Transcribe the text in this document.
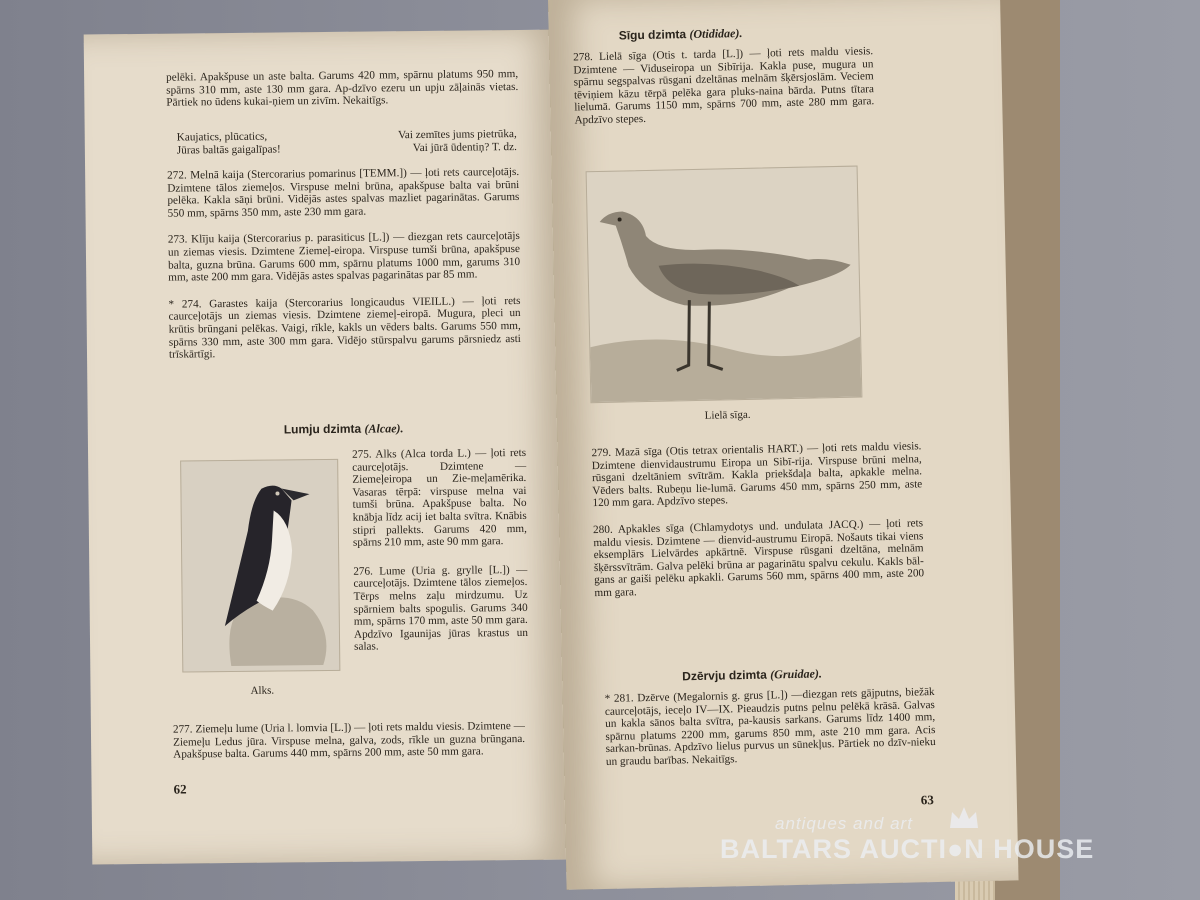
pelēki. Apakšpuse un aste balta. Garums 420 mm, spārnu platums 950 mm, spārns 310 mm, aste 130 mm gara. Ap-dzīvo ezeru un upju zāļainās vietas. Pārtiek no ūdens kukai-ņiem un zivīm. Nekaitīgs.

Kaujatics, plūcatics,	Vai zemītes jums pietrūka,
Jūras baltās gaigalīpas!	Vai jūrā ūdentiņ? T. dz.

272. Melnā kaija (Stercorarius pomarinus [TEMM.]) — ļoti rets caurceļotājs. Dzimtene tālos ziemeļos. Virspuse melni brūna, apakšpuse balta vai brūni pelēka. Kakla sāņi brūni. Vidējās astes spalvas mazliet pagarinātas. Garums 550 mm, spārns 350 mm, aste 230 mm gara.

273. Klīju kaija (Stercorarius p. parasiticus [L.]) — diezgan rets caurceļotājs un ziemas viesis. Dzimtene Ziemeļ-eiropa. Virspuse tumši brūna, apakšpuse balta, guzna brūna. Garums 600 mm, spārnu platums 1000 mm, garums 310 mm, aste 200 mm gara. Vidējās astes spalvas pagarinātas par 85 mm.

* 274. Garastes kaija (Stercorarius longicaudus VIEILL.) — ļoti rets caurceļotājs un ziemas viesis. Dzimtene ziemeļ-eiropā. Mugura, pleci un krūtis brūngani pelēkas. Vaigi, rīkle, kakls un vēders balts. Garums 550 mm, spārns 330 mm, aste 300 mm gara. Vidējo stūrspalvu garums pārsniedz asti trīskārtīgi.

Lumju dzimta (Alcae).
Alks.

275. Alks (Alca torda L.) — ļoti rets caurceļotājs. Dzimtene — Ziemeļeiropa un Zie-meļamērika. Vasaras tērpā: virspuse melna vai tumši brūna. Apakšpuse balta. No knābja līdz acij iet balta svītra. Knābis stipri pallekts. Garums 420 mm, spārns 210 mm, aste 90 mm gara.

276. Lume (Uria g. grylle [L.]) —caurceļotājs. Dzimtene tālos ziemeļos. Tērps melns zaļu mirdzumu. Uz spārniem balts spogulis. Garums 340 mm, spārns 170 mm, aste 50 mm gara. Apdzīvo Igaunijas jūras krastus un salas.

277. Ziemeļu lume (Uria l. lomvia [L.]) — ļoti rets maldu viesis. Dzimtene — Ziemeļu Ledus jūra. Virspuse melna, galva, zods, rīkle un guzna brūngana. Apakšpuse balta. Garums 440 mm, spārns 200 mm, aste 50 mm gara.

62
Sīgu dzimta (Otididae).

278. Lielā sīga (Otis t. tarda [L.]) — ļoti rets maldu viesis. Dzimtene — Viduseiropa un Sibīrija. Kakla puse, mugura un spārnu segspalvas rūsgani dzeltānas melnām šķērsjoslām. Veciem tēviņiem kāzu tērpā pelēka gara pluks-naina bārda. Putns tītara lielumā. Garums 1150 mm, spārns 700 mm, aste 280 mm gara. Apdzīvo stepes.

Lielā sīga.

279. Mazā sīga (Otis tetrax orientalis HART.) — ļoti rets maldu viesis. Dzimtene dienvidaustrumu Eiropa un Sibī-rija. Virspuse brūni melna, rūsgani dzeltāniem svītrām. Kakla priekšdaļa balta, apkakle melna. Vēders balts. Rubeņu lie-lumā. Garums 450 mm, spārns 250 mm, aste 120 mm gara. Apdzīvo stepes.

280. Apkakles sīga (Chlamydotys und. undulata JACQ.) — ļoti rets maldu viesis. Dzimtene — dienvid-austrumu Eiropā. Nošauts tikai viens eksemplārs Lielvārdes apkārtnē. Virspuse rūsgani dzeltāna, melnām šķērssvītrām. Galva pelēki brūna ar pagarinātu spalvu cekulu. Kakls bāl-gans ar gaiši pelēku apkakli. Garums 560 mm, spārns 400 mm, aste 200 mm gara.

Dzērvju dzimta (Gruidae).

* 281. Dzērve (Megalornis g. grus [L.]) —diezgan rets gājputns, biežāk caurceļotājs, ieceļo IV—IX. Pieaudzis putns pelnu pelēkā krāsā. Galvas un kakla sānos balta svītra, pa-kausis sarkans. Garums līdz 1400 mm, spārnu platums 2200 mm, garums 850 mm, aste 210 mm gara. Acis sarkan-brūnas. Apdzīvo lielus purvus un sūnekļus. Pārtiek no dzīv-nieku un graudu barības. Nekaitīgs.

63
antiques and art
BALTARS AUCTI●N HOUSE
